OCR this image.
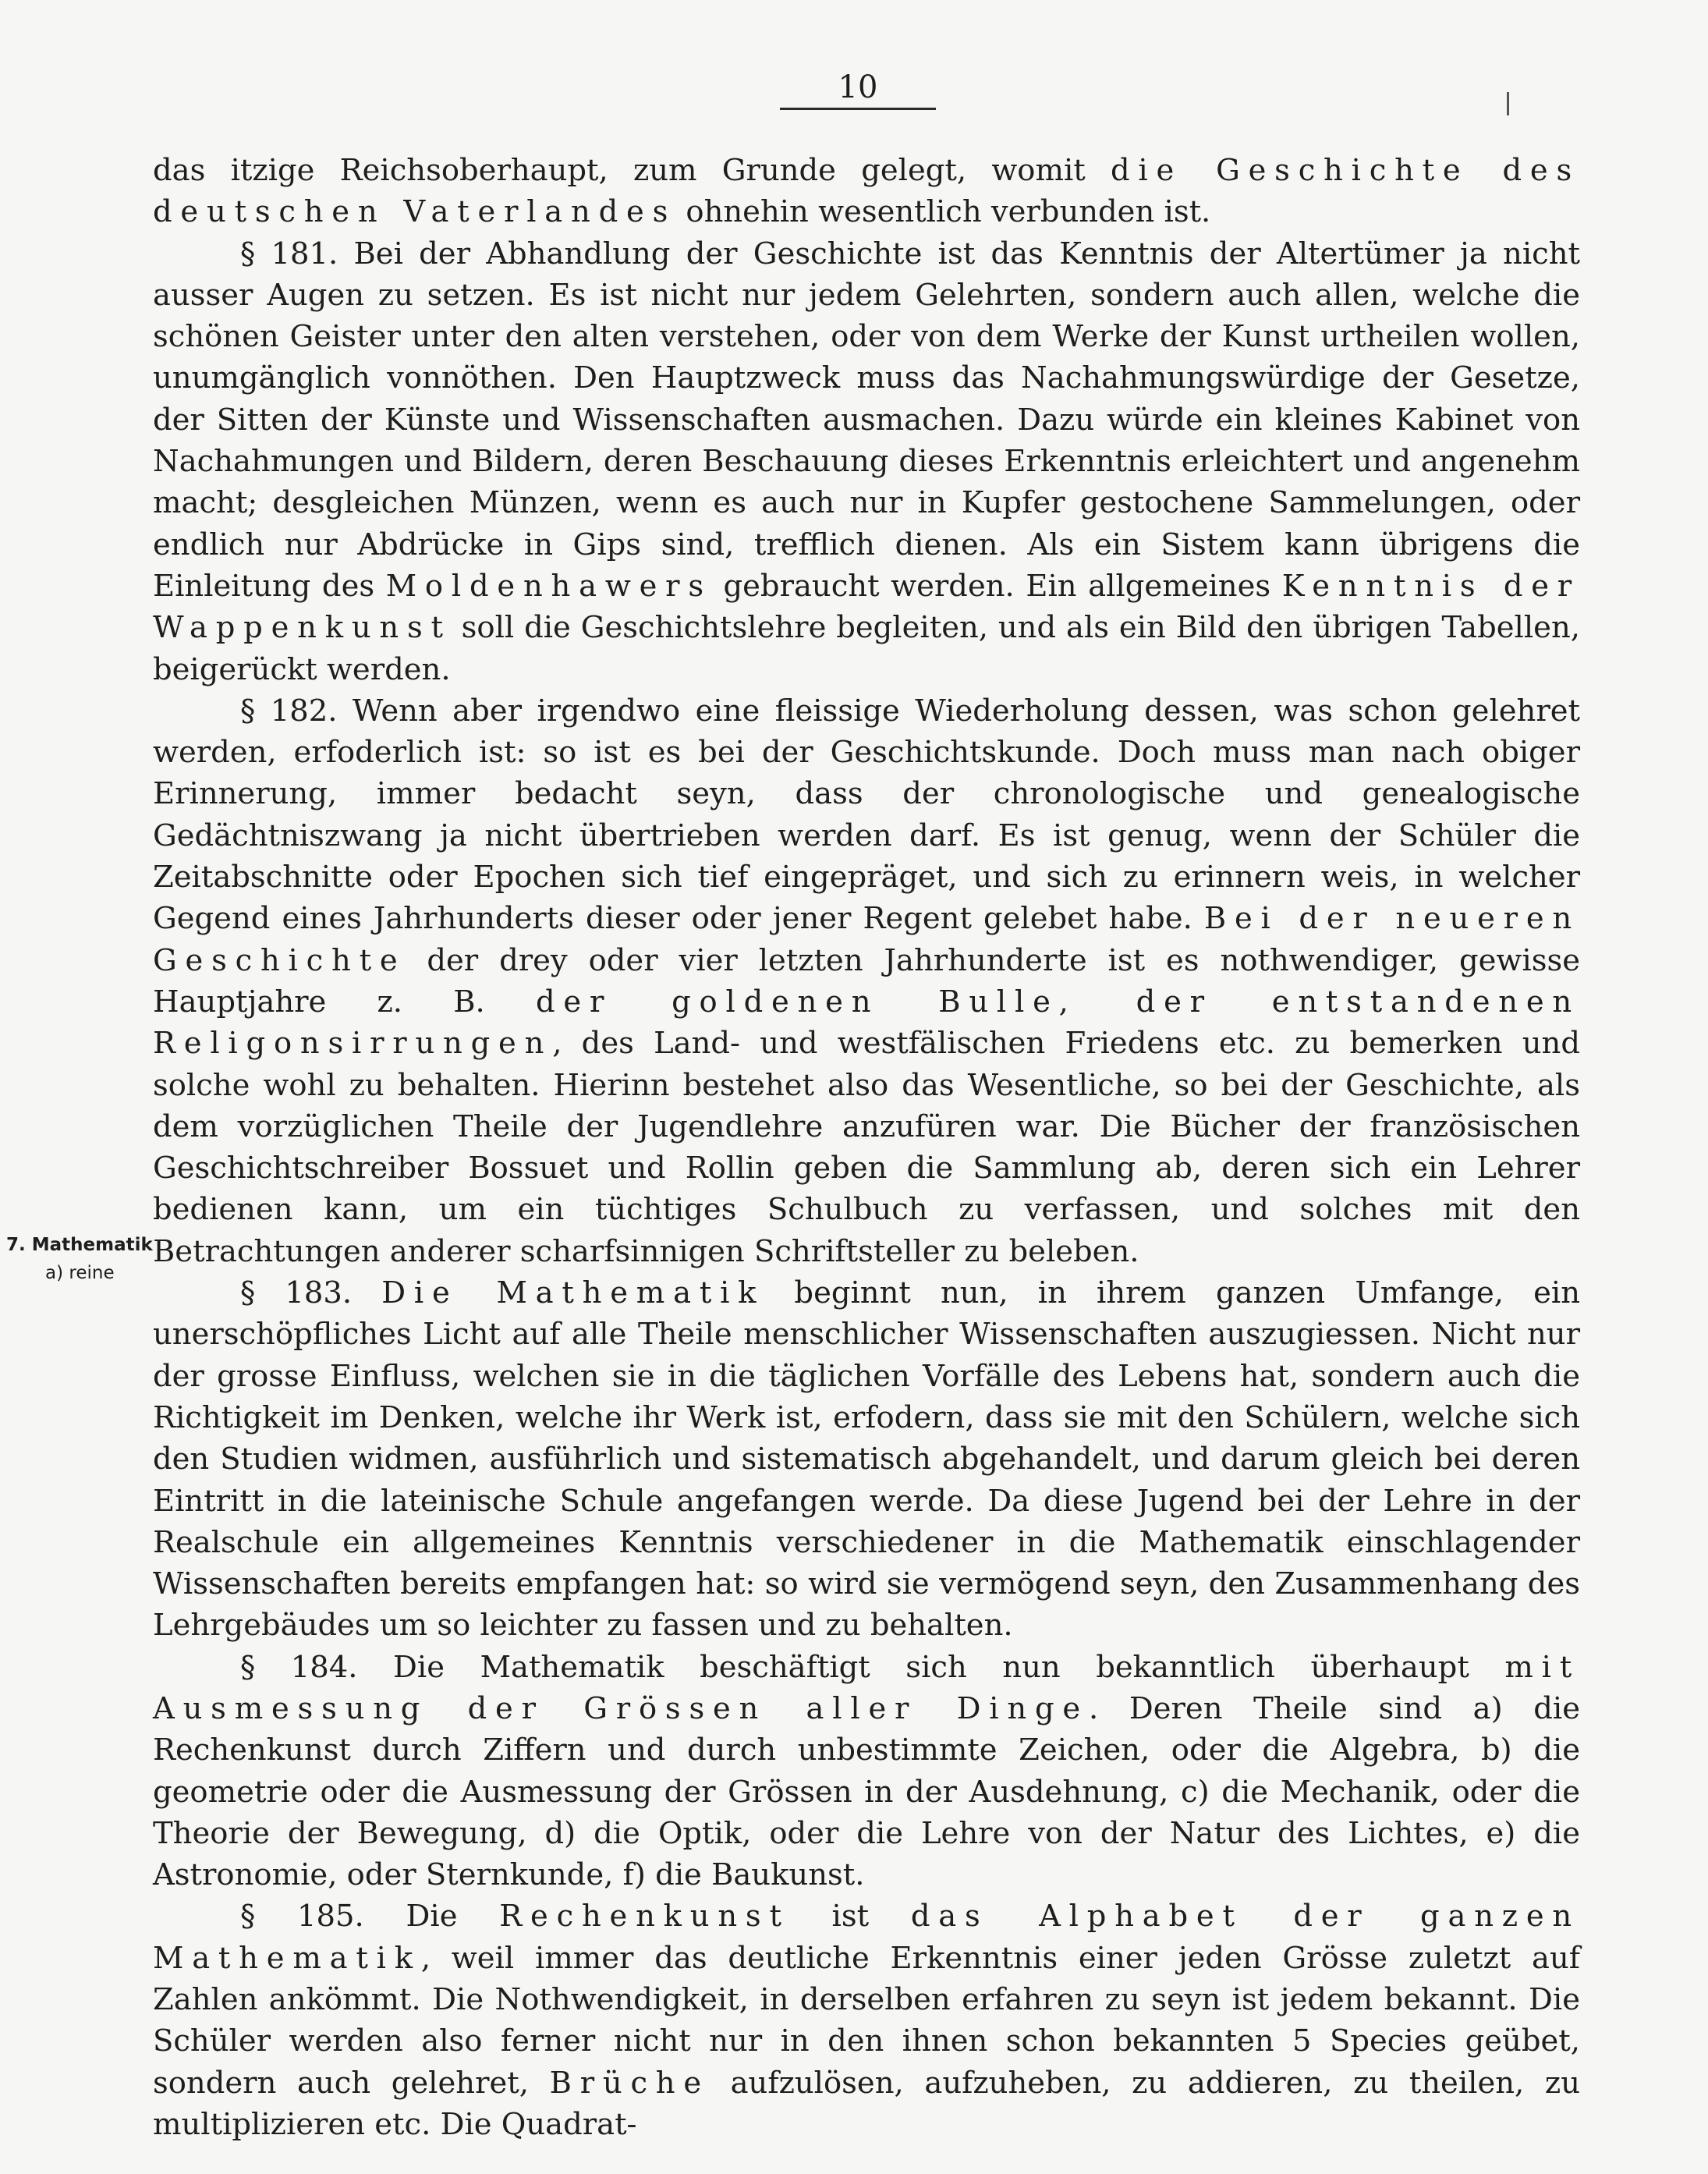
10
7. Mathematik
a) reine

das itzige Reichsoberhaupt, zum Grunde gelegt, womit die Geschichte des deutschen Vaterlandes ohnehin wesentlich verbunden ist.

§ 181. Bei der Abhandlung der Geschichte ist das Kenntnis der Altertümer ja nicht ausser Augen zu setzen. Es ist nicht nur jedem Gelehrten, sondern auch allen, welche die schönen Geister unter den alten verstehen, oder von dem Werke der Kunst urtheilen wollen, unumgänglich vonnöthen. Den Hauptzweck muss das Nachahmungswürdige der Gesetze, der Sitten der Künste und Wissenschaften ausmachen. Dazu würde ein kleines Kabinet von Nachahmungen und Bildern, deren Beschauung dieses Erkenntnis erleichtert und angenehm macht; desgleichen Münzen, wenn es auch nur in Kupfer gestochene Sammelungen, oder endlich nur Abdrücke in Gips sind, trefflich dienen. Als ein Sistem kann übrigens die Einleitung des Moldenhawers gebraucht werden. Ein allgemeines Kenntnis der Wappenkunst soll die Geschichtslehre begleiten, und als ein Bild den übrigen Tabellen, beigerückt werden.

§ 182. Wenn aber irgendwo eine fleissige Wiederholung dessen, was schon gelehret werden, erfoderlich ist: so ist es bei der Geschichtskunde. Doch muss man nach obiger Erinnerung, immer bedacht seyn, dass der chronologische und genealogische Gedächtniszwang ja nicht übertrieben werden darf. Es ist genug, wenn der Schüler die Zeitabschnitte oder Epochen sich tief eingepräget, und sich zu erinnern weis, in welcher Gegend eines Jahrhunderts dieser oder jener Regent gelebet habe. Bei der neueren Geschichte der drey oder vier letzten Jahrhunderte ist es nothwendiger, gewisse Hauptjahre z. B. der goldenen Bulle, der entstandenen Religonsirrungen, des Land- und westfälischen Friedens etc. zu bemerken und solche wohl zu behalten. Hierinn bestehet also das Wesentliche, so bei der Geschichte, als dem vorzüglichen Theile der Jugendlehre anzufüren war. Die Bücher der französischen Geschichtschreiber Bossuet und Rollin geben die Sammlung ab, deren sich ein Lehrer bedienen kann, um ein tüchtiges Schulbuch zu verfassen, und solches mit den Betrachtungen anderer scharfsinnigen Schriftsteller zu beleben.

§ 183. Die Mathematik beginnt nun, in ihrem ganzen Umfange, ein unerschöpfliches Licht auf alle Theile menschlicher Wissenschaften auszugiessen. Nicht nur der grosse Einfluss, welchen sie in die täglichen Vorfälle des Lebens hat, sondern auch die Richtigkeit im Denken, welche ihr Werk ist, erfodern, dass sie mit den Schülern, welche sich den Studien widmen, ausführlich und sistematisch abgehandelt, und darum gleich bei deren Eintritt in die lateinische Schule angefangen werde. Da diese Jugend bei der Lehre in der Realschule ein allgemeines Kenntnis verschiedener in die Mathematik einschlagender Wissenschaften bereits empfangen hat: so wird sie vermögend seyn, den Zusammenhang des Lehrgebäudes um so leichter zu fassen und zu behalten.

§ 184. Die Mathematik beschäftigt sich nun bekanntlich überhaupt mit Ausmessung der Grössen aller Dinge. Deren Theile sind a) die Rechenkunst durch Ziffern und durch unbestimmte Zeichen, oder die Algebra, b) die geometrie oder die Ausmessung der Grössen in der Ausdehnung, c) die Mechanik, oder die Theorie der Bewegung, d) die Optik, oder die Lehre von der Natur des Lichtes, e) die Astronomie, oder Sternkunde, f) die Baukunst.

§ 185. Die Rechenkunst ist das Alphabet der ganzen Mathematik, weil immer das deutliche Erkenntnis einer jeden Grösse zuletzt auf Zahlen ankömmt. Die Nothwendigkeit, in derselben erfahren zu seyn ist jedem bekannt. Die Schüler werden also ferner nicht nur in den ihnen schon bekannten 5 Species geübet, sondern auch gelehret, Brüche aufzulösen, aufzuheben, zu addieren, zu theilen, zu multiplizieren etc. Die Quadrat-
